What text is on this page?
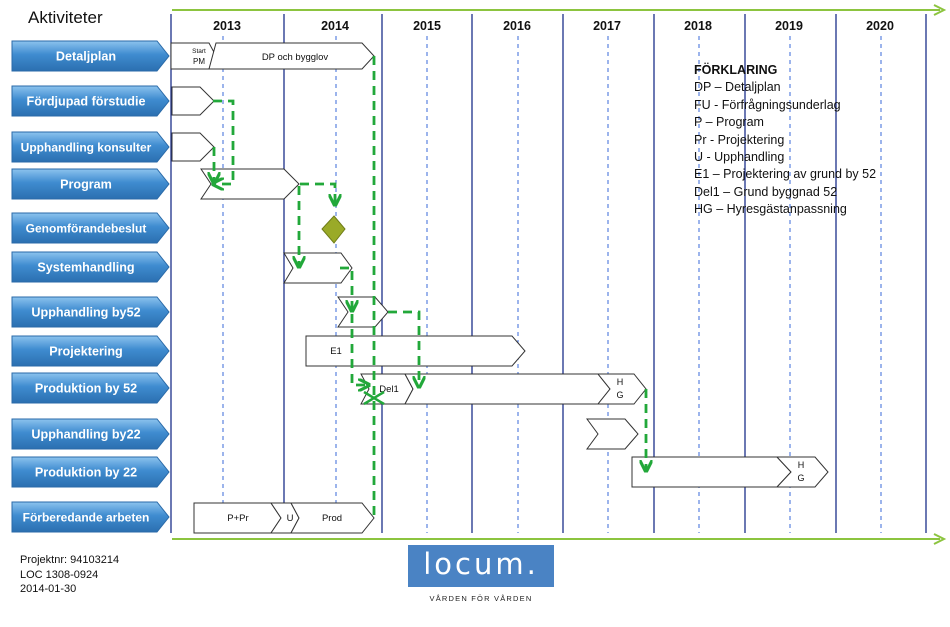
2013	2014	2015	2016	2017	2018	2019	2020
Detaljplan
Fördjupad förstudie
Upphandling konsulter
Program
Genomförandebeslut
Systemhandling
Upphandling by52
Projektering
Produktion by 52
Upphandling by22
Produktion by 22
Förberedande arbeten
Start
PM	DP och bygglov
E1
Del1
H
G
H
G
P+Pr	U	Prod
Aktiviteter
FÖRKLARING
DP – Detaljplan
FU - Förfrågningsunderlag
P – Program
Pr - Projektering
U - Upphandling
E1 – Projektering av grund by 52
Del1 – Grund byggnad 52
HG – Hyresgästanpassning
Projektnr: 94103214
LOC 1308-0924
2014-01-30
locum.
VÅRDEN FÖR VÅRDEN
